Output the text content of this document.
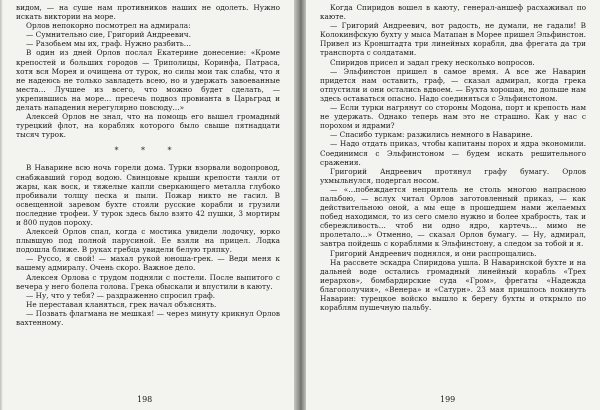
видом, — на суше нам противников наших не одолеть. Нужно искать виктории на море.

Орлов непокорно посмотрел на адмирала:

— Сумнительно сие, Григорий Андреевич.

— Разобьем мы их, граф. Нужно разбить…

В один из дней Орлов послал Екатерине донесение: «Кроме крепостей и больших городов — Триполицы, Коринфа, Патраса, хотя вся Морея и очищена от турок, но силы мои так слабы, что я не надеюсь не только завладеть всею, но и удержать завоеванные места… Лучшее из всего, что можно будет сделать, — укрепившись на море… пресечь подвоз провианта в Царьград и делать нападения нерегулярно повсюду…»

Алексей Орлов не знал, что на помощь его вышел громадный турецкий флот, на кораблях которого было свыше пятнадцати тысяч турок.

* * *

В Наварине всю ночь горели дома. Турки взорвали водопровод, снабжавший город водою. Свинцовые крыши крепости таяли от жары, как воск, и тяжелые капли сверкающего металла глубоко пробивали толщу песка и пыли. Пожар никто не гасил. В освещенной заревом бухте стояли русские корабли и грузили последние трофеи. У турок здесь было взято 42 пушки, 3 мортиры и 800 пудов пороху.

Алексей Орлов спал, когда с мостика увидели лодочку, юрко плывшую под полной парусиной. Ее взяли на прицел. Лодка подошла ближе. В руках гребца увидели белую тряпку.

— Руссо, я свой! — махал рукой юноша-грек. — Веди меня к вашему адмиралу. Очень скоро. Важное дело.

Алексея Орлова с трудом подняли с постели. После выпитого с вечера у него болела голова. Грека обыскали и впустили в каюту.

— Ну, что у тебя? — раздраженно спросил граф.

Не переставая кланяться, грек начал объяснять.

— Позвать флагмана не мешкая! — через минуту крикнул Орлов вахтенному.

198

Когда Спиридов вошел в каюту, генерал-аншеф расхаживал по каюте.

— Григорий Андреевич, вот радость, не думали, не гадали! В Колокинфскую бухту у мыса Матапан в Морее пришел Эльфинстон. Привел из Кронштадта три линейных корабля, два фрегата да три транспорта с солдатами.

Спиридов присел и задал греку несколько вопросов.

— Эльфинстон пришел в самое время. А все же Наварин придется нам оставить, граф, — сказал адмирал, когда грека отпустили и они остались вдвоем. — Бухта хорошая, но дольше нам здесь оставаться опасно. Надо соединяться с Эльфинстоном.

— Если турки нагрянут со стороны Модона, порт и крепость нам не удержать. Однако теперь нам это не страшно. Как у нас с порохом и ядрами?

— Спасибо туркам: разжились немного в Наварине.

— Надо отдать приказ, чтобы капитаны порох и ядра экономили. Соединимся с Эльфинстоном — будем искать решительного сражения.

Григорий Андреевич протянул графу бумагу. Орлов ухмыльнулся, подергал носом.

— «…побеждается неприятель не столь многою напрасною пальбою, — вслух читал Орлов заготовленный приказ, — как действительною оной, а мы еще в прошедшем нами желаемых побед находимся, то из сего смело нужно и более храбрость, так и сбережливость… чтоб ни одно ядро, картечь… мимо не пролетало…» Отменно, — сказал Орлов бумагу. — Ну, адмирал, завтра пойдешь с кораблями к Эльфинстону, а следом за тобой и я.

Григорий Андреевич поднялся, и они распрощались.

На рассвете эскадра Спиридова ушла. В Наваринской бухте и на дальней воде остались громадный линейный корабль «Трех иерархов», бомбардирские суда «Гром», фрегаты «Надежда благополучия», «Венера» и «Сатурн». 23 мая пришлось покинуть Наварин: турецкое войско вышло к берегу бухты и открыло по кораблям пушечную пальбу.

199
